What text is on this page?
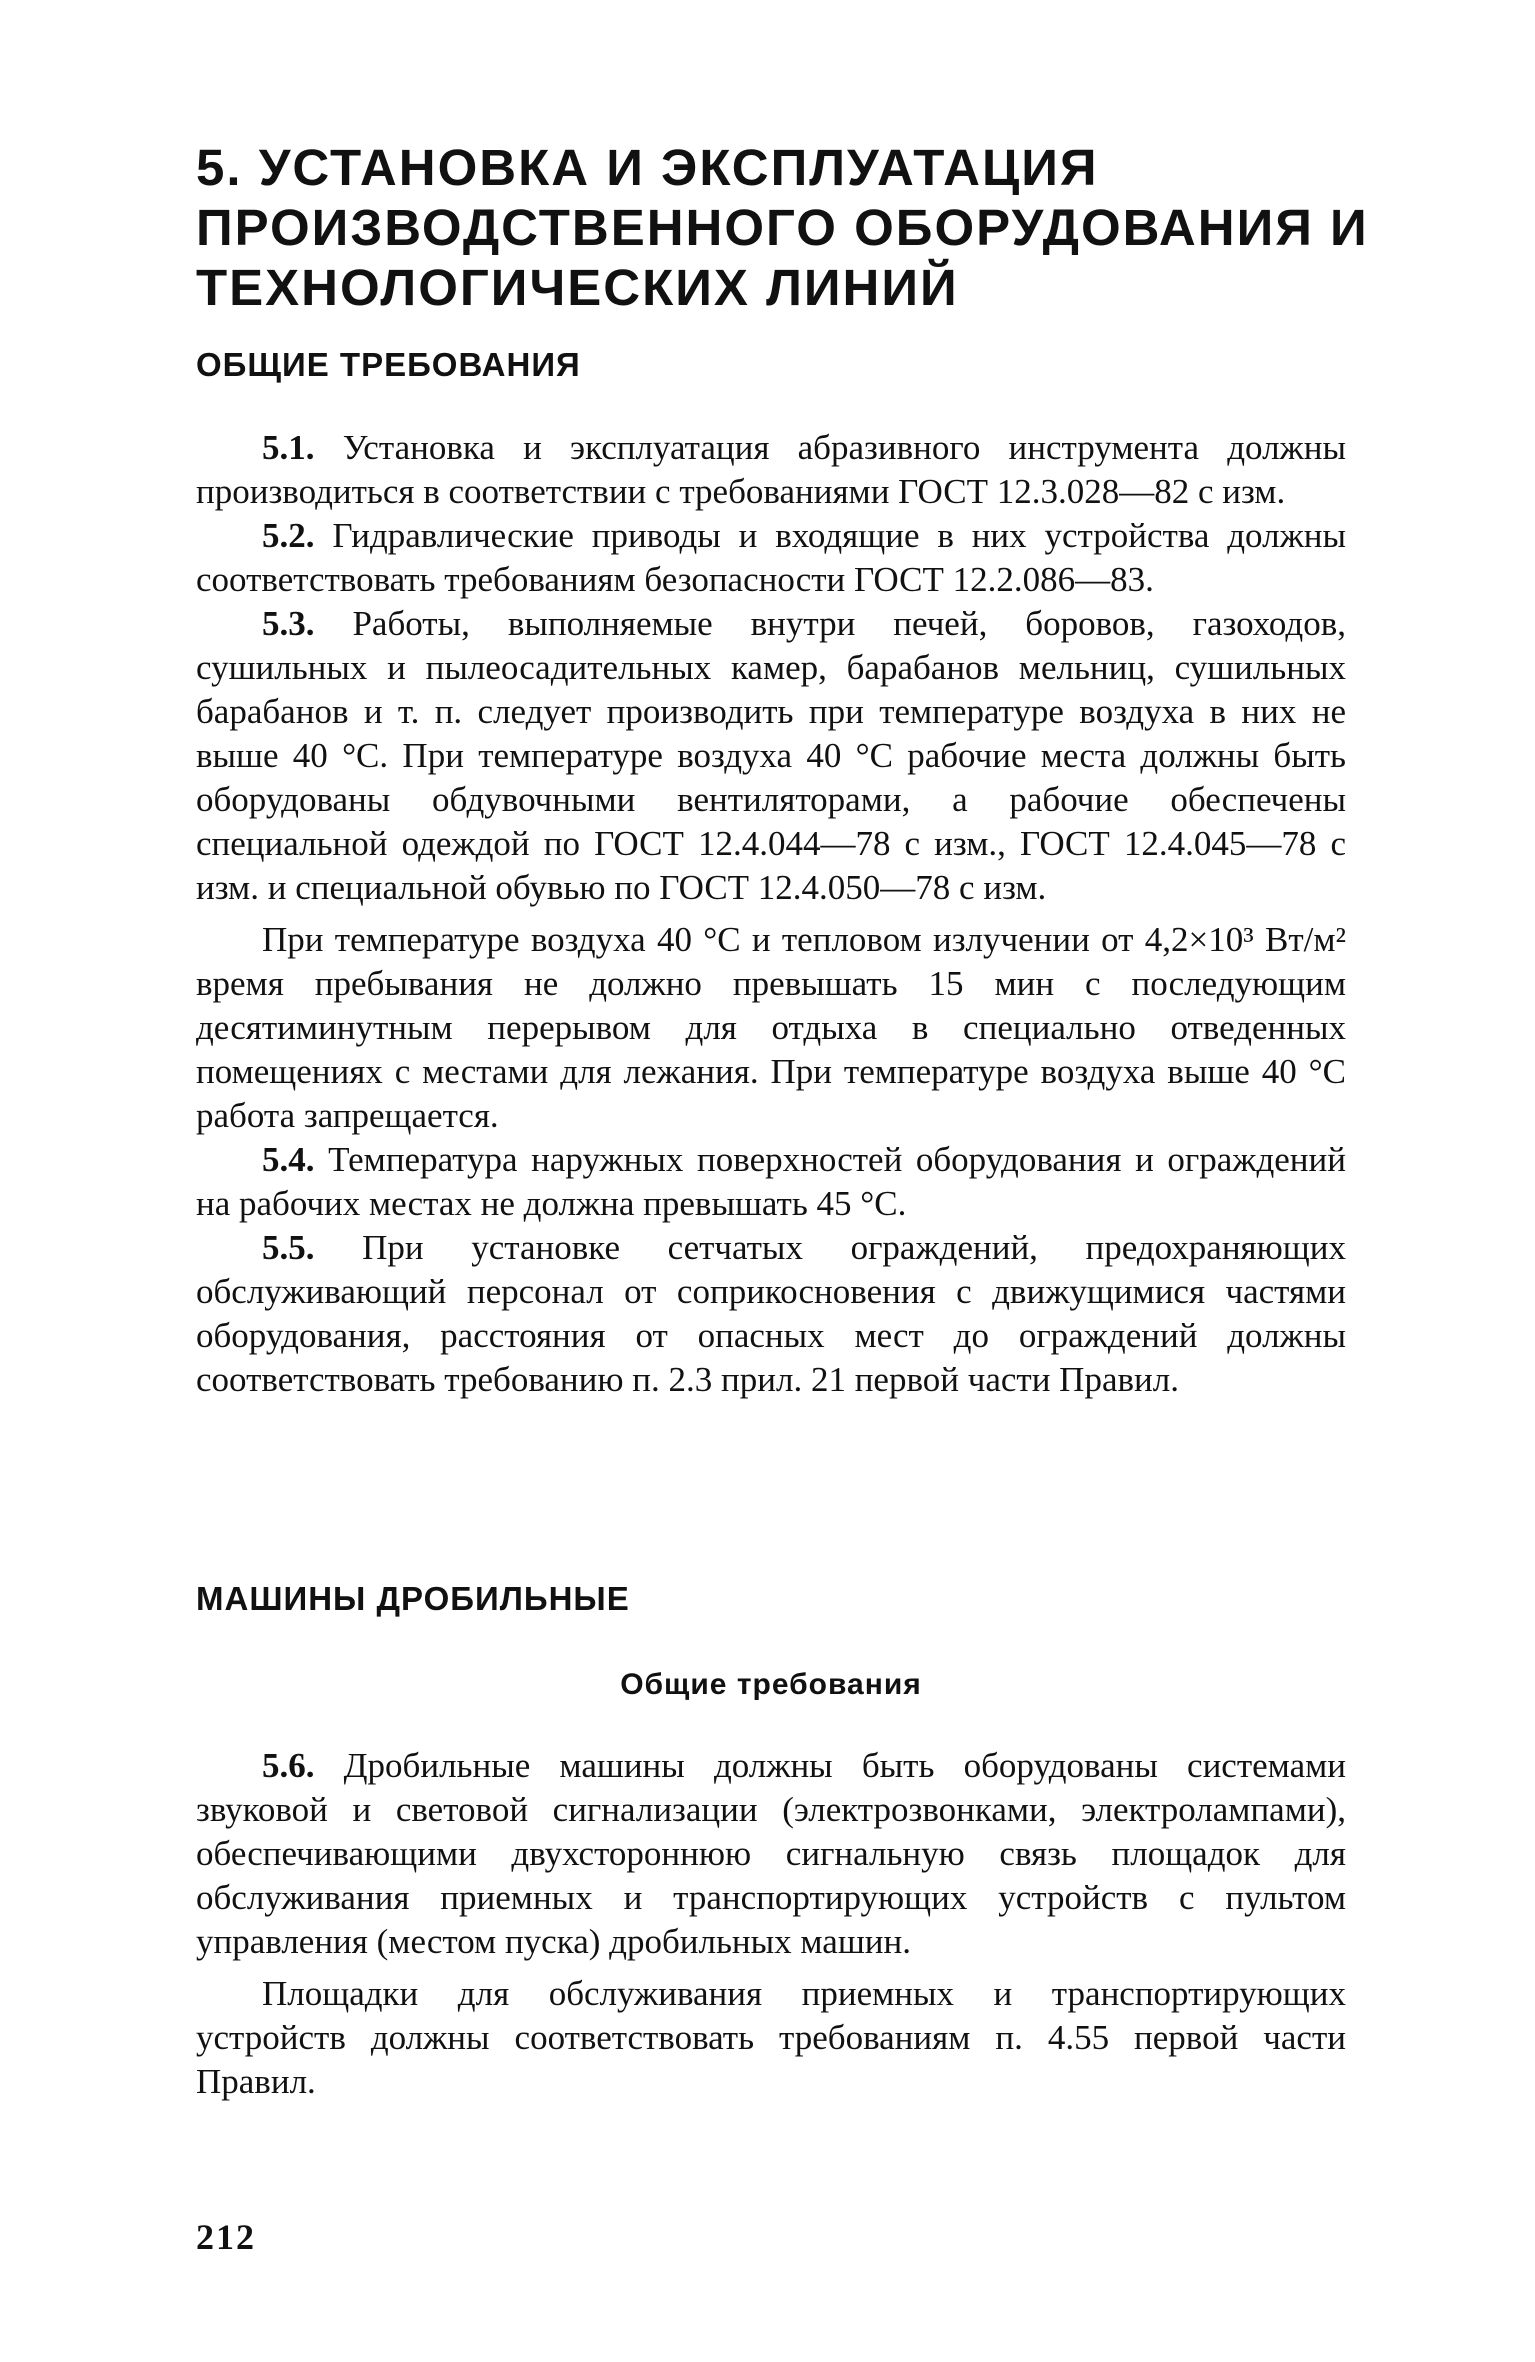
5. УСТАНОВКА И ЭКСПЛУАТАЦИЯ ПРОИЗВОДСТВЕННОГО ОБОРУДОВАНИЯ И ТЕХНОЛОГИЧЕСКИХ ЛИНИЙ
ОБЩИЕ ТРЕБОВАНИЯ

5.1. Установка и эксплуатация абразивного инструмента должны производиться в соответствии с требованиями ГОСТ 12.3.028—82 с изм.

5.2. Гидравлические приводы и входящие в них устройства должны соответствовать требованиям безопасности ГОСТ 12.2.086—83.

5.3. Работы, выполняемые внутри печей, боровов, газоходов, сушильных и пылеосадительных камер, барабанов мельниц, сушильных барабанов и т. п. следует производить при температуре воздуха в них не выше 40 °С. При температуре воздуха 40 °С рабочие места должны быть оборудованы обдувочными вентиляторами, а рабочие обеспечены специальной одеждой по ГОСТ 12.4.044—78 с изм., ГОСТ 12.4.045—78 с изм. и специальной обувью по ГОСТ 12.4.050—78 с изм.

При температуре воздуха 40 °С и тепловом излучении от 4,2×10³ Вт/м² время пребывания не должно превышать 15 мин с последующим десятиминутным перерывом для отдыха в специально отведенных помещениях с местами для лежания. При температуре воздуха выше 40 °С работа запрещается.

5.4. Температура наружных поверхностей оборудования и ограждений на рабочих местах не должна превышать 45 °С.

5.5. При установке сетчатых ограждений, предохраняющих обслуживающий персонал от соприкосновения с движущимися частями оборудования, расстояния от опасных мест до ограждений должны соответствовать требованию п. 2.3 прил. 21 первой части Правил.

МАШИНЫ ДРОБИЛЬНЫЕ
Общие требования

5.6. Дробильные машины должны быть оборудованы системами звуковой и световой сигнализации (электрозвонками, электролампами), обеспечивающими двухстороннюю сигнальную связь площадок для обслуживания приемных и транспортирующих устройств с пультом управления (местом пуска) дробильных машин.

Площадки для обслуживания приемных и транспортирующих устройств должны соответствовать требованиям п. 4.55 первой части Правил.

212
